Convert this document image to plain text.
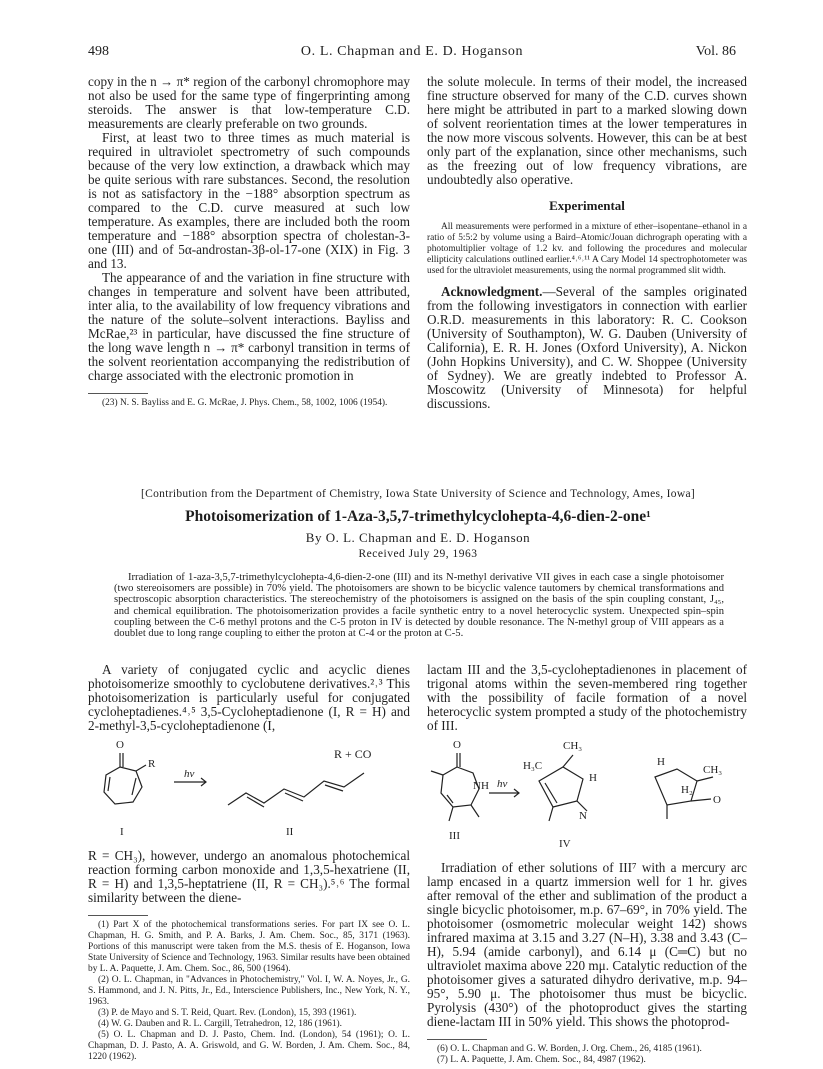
498	O. L. Chapman and E. D. Hoganson	Vol. 86

copy in the n → π* region of the carbonyl chromophore may not also be used for the same type of fingerprinting among steroids. The answer is that low-temperature C.D. measurements are clearly preferable on two grounds.

First, at least two to three times as much material is required in ultraviolet spectrometry of such compounds because of the very low extinction, a drawback which may be quite serious with rare substances. Second, the resolution is not as satisfactory in the −188° absorption spectrum as compared to the C.D. curve measured at such low temperature. As examples, there are included both the room temperature and −188° absorption spectra of cholestan-3-one (III) and of 5α-androstan-3β-ol-17-one (XIX) in Fig. 3 and 13.

The appearance of and the variation in fine structure with changes in temperature and solvent have been attributed, inter alia, to the availability of low frequency vibrations and the nature of the solute–solvent interactions. Bayliss and McRae,²³ in particular, have discussed the fine structure of the long wave length n → π* carbonyl transition in terms of the solvent reorientation accompanying the redistribution of charge associated with the electronic promotion in

(23) N. S. Bayliss and E. G. McRae, J. Phys. Chem., 58, 1002, 1006 (1954).

the solute molecule. In terms of their model, the increased fine structure observed for many of the C.D. curves shown here might be attributed in part to a marked slowing down of solvent reorientation times at the lower temperatures in the now more viscous solvents. However, this can be at best only part of the explanation, since other mechanisms, such as the freezing out of low frequency vibrations, are undoubtedly also operative.

Experimental

All measurements were performed in a mixture of ether–isopentane–ethanol in a ratio of 5:5:2 by volume using a Baird–Atomic/Jouan dichrograph operating with a photomultiplier voltage of 1.2 kv. and following the procedures and molecular ellipticity calculations outlined earlier.⁴˒⁶˒¹¹ A Cary Model 14 spectrophotometer was used for the ultraviolet measurements, using the normal programmed slit width.

Acknowledgment.—Several of the samples originated from the following investigators in connection with earlier O.R.D. measurements in this laboratory: R. C. Cookson (University of Southampton), W. G. Dauben (University of California), E. R. H. Jones (Oxford University), A. Nickon (John Hopkins University), and C. W. Shoppee (University of Sydney). We are greatly indebted to Professor A. Moscowitz (University of Minnesota) for helpful discussions.

[Contribution from the Department of Chemistry, Iowa State University of Science and Technology, Ames, Iowa]
Photoisomerization of 1-Aza-3,5,7-trimethylcyclohepta-4,6-dien-2-one¹
By O. L. Chapman and E. D. Hoganson
Received July 29, 1963

Irradiation of 1-aza-3,5,7-trimethylcyclohepta-4,6-dien-2-one (III) and its N-methyl derivative VII gives in each case a single photoisomer (two stereoisomers are possible) in 70% yield. The photoisomers are shown to be bicyclic valence tautomers by chemical transformations and spectroscopic absorption characteristics. The stereochemistry of the photoisomers is assigned on the basis of the spin coupling constant, J₄₅, and chemical equilibration. The photoisomerization provides a facile synthetic entry to a novel heterocyclic system. Unexpected spin–spin coupling between the C-6 methyl protons and the C-5 proton in IV is detected by double resonance. The N-methyl group of VIII appears as a doublet due to long range coupling to either the proton at C-4 or the proton at C-5.

A variety of conjugated cyclic and acyclic dienes photoisomerize smoothly to cyclobutene derivatives.²˒³ This photoisomerization is particularly useful for conjugated cycloheptadienes.⁴˒⁵ 3,5-Cycloheptadienone (I, R = H) and 2-methyl-3,5-cycloheptadienone (I,

O
R
hν
R + CO
I	II

R = CH₃), however, undergo an anomalous photochemical reaction forming carbon monoxide and 1,3,5-hexatriene (II, R = H) and 1,3,5-heptatriene (II, R = CH₃).⁵˒⁶ The formal similarity between the diene-

(1) Part X of the photochemical transformations series. For part IX see O. L. Chapman, H. G. Smith, and P. A. Barks, J. Am. Chem. Soc., 85, 3171 (1963). Portions of this manuscript were taken from the M.S. thesis of E. Hoganson, Iowa State University of Science and Technology, 1963. Similar results have been obtained by L. A. Paquette, J. Am. Chem. Soc., 86, 500 (1964).

(2) O. L. Chapman, in "Advances in Photochemistry," Vol. I, W. A. Noyes, Jr., G. S. Hammond, and J. N. Pitts, Jr., Ed., Interscience Publishers, Inc., New York, N. Y., 1963.

(3) P. de Mayo and S. T. Reid, Quart. Rev. (London), 15, 393 (1961).

(4) W. G. Dauben and R. L. Cargill, Tetrahedron, 12, 186 (1961).

(5) O. L. Chapman and D. J. Pasto, Chem. Ind. (London), 54 (1961); O. L. Chapman, D. J. Pasto, A. A. Griswold, and G. W. Borden, J. Am. Chem. Soc., 84, 1220 (1962).

lactam III and the 3,5-cycloheptadienones in placement of trigonal atoms within the seven-membered ring together with the possibility of facile formation of a novel heterocyclic system prompted a study of the photochemistry of III.

O
NH hν
CH₃
H₃C
H
H
CH₃
H₂
O
N
III
IV

Irradiation of ether solutions of III⁷ with a mercury arc lamp encased in a quartz immersion well for 1 hr. gives after removal of the ether and sublimation of the product a single bicyclic photoisomer, m.p. 67–69°, in 70% yield. The photoisomer (osmometric molecular weight 142) shows infrared maxima at 3.15 and 3.27 (N–H), 3.38 and 3.43 (C–H), 5.94 (amide carbonyl), and 6.14 μ (C═C) but no ultraviolet maxima above 220 mμ. Catalytic reduction of the photoisomer gives a saturated dihydro derivative, m.p. 94–95°, 5.90 μ. The photoisomer thus must be bicyclic. Pyrolysis (430°) of the photoproduct gives the starting diene-lactam III in 50% yield. This shows the photoprod-

(6) O. L. Chapman and G. W. Borden, J. Org. Chem., 26, 4185 (1961).

(7) L. A. Paquette, J. Am. Chem. Soc., 84, 4987 (1962).
